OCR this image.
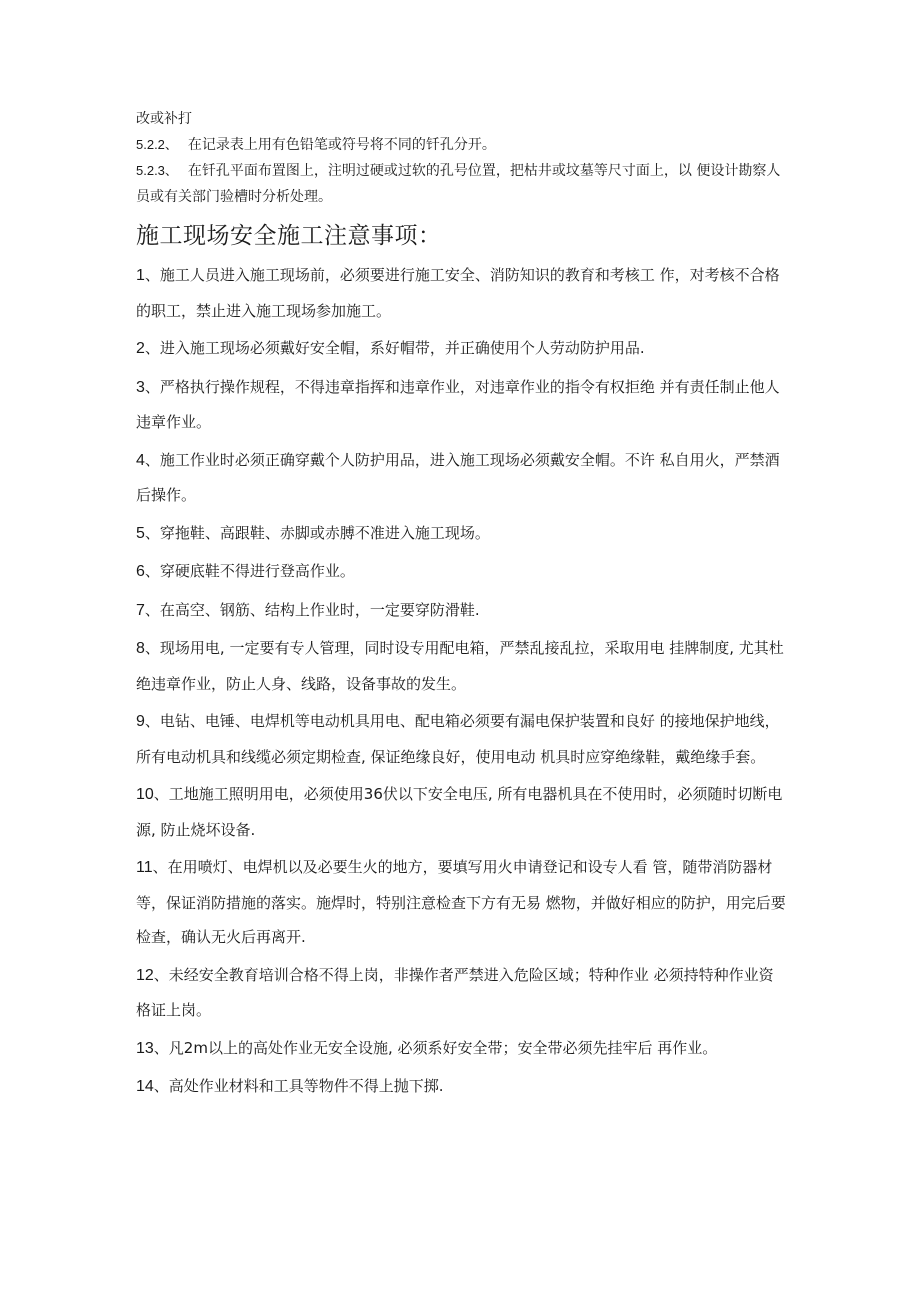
改或补打

5.2.2、 在记录表上用有色铅笔或符号将不同的钎孔分开。

5.2.3、 在钎孔平面布置图上，注明过硬或过软的孔号位置，把枯井或坟墓等尺寸面上，以 便设计勘察人员或有关部门验槽时分析处理。

施工现场安全施工注意事项：

1、施工人员进入施工现场前，必须要进行施工安全、消防知识的教育和考核工 作，对考核不合格的职工，禁止进入施工现场参加施工。

2、进入施工现场必须戴好安全帽，系好帽带，并正确使用个人劳动防护用品.

3、严格执行操作规程，不得违章指挥和违章作业，对违章作业的指令有权拒绝 并有责任制止他人违章作业。

4、施工作业时必须正确穿戴个人防护用品，进入施工现场必须戴安全帽。不许 私自用火，严禁酒后操作。

5、穿拖鞋、高跟鞋、赤脚或赤膊不准进入施工现场。

6、穿硬底鞋不得进行登高作业。

7、在高空、钢筋、结构上作业时，一定要穿防滑鞋.

8、现场用电, 一定要有专人管理，同时设专用配电箱，严禁乱接乱拉，采取用电 挂牌制度, 尤其杜绝违章作业，防止人身、线路，设备事故的发生。

9、电钻、电锤、电焊机等电动机具用电、配电箱必须要有漏电保护装置和良好 的接地保护地线，所有电动机具和线缆必须定期检查, 保证绝缘良好，使用电动 机具时应穿绝缘鞋，戴绝缘手套。

10、工地施工照明用电，必须使用36伏以下安全电压, 所有电器机具在不使用时，必须随时切断电源, 防止烧坏设备.

11、在用喷灯、电焊机以及必要生火的地方，要填写用火申请登记和设专人看 管，随带消防器材等，保证消防措施的落实。施焊时，特别注意检查下方有无易 燃物，并做好相应的防护，用完后要检查，确认无火后再离开.

12、未经安全教育培训合格不得上岗，非操作者严禁进入危险区域；特种作业 必须持特种作业资格证上岗。

13、凡2m以上的高处作业无安全设施, 必须系好安全带；安全带必须先挂牢后 再作业。

14、高处作业材料和工具等物件不得上抛下掷.
